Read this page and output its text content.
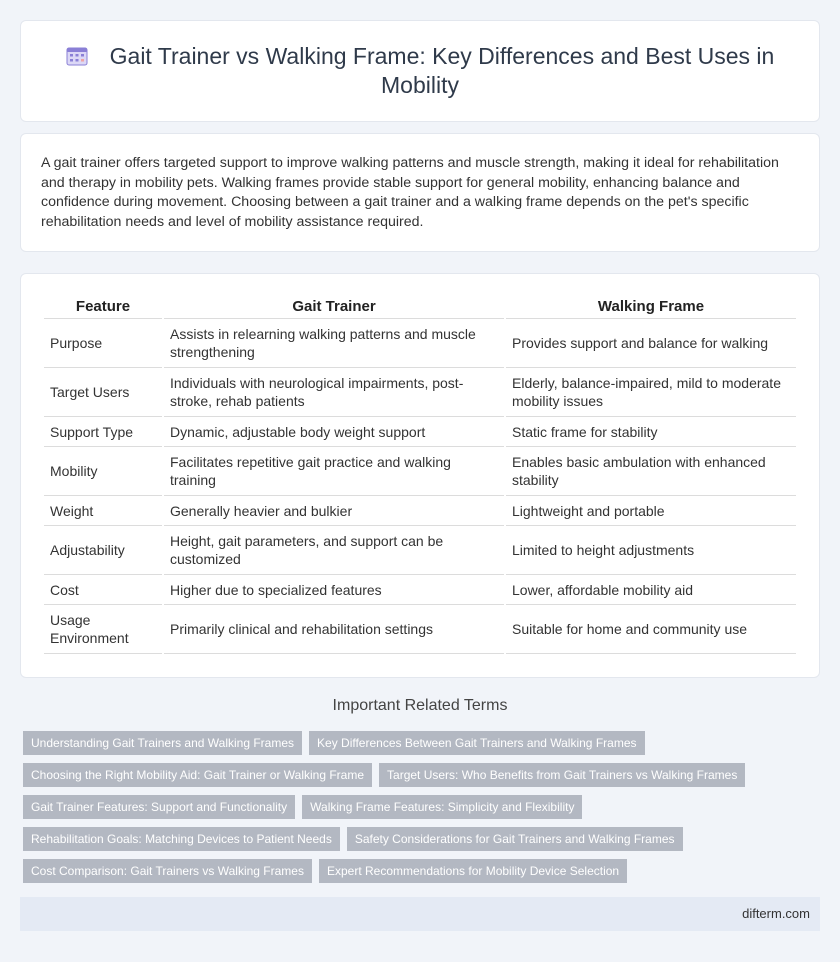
Gait Trainer vs Walking Frame: Key Differences and Best Uses in Mobility
A gait trainer offers targeted support to improve walking patterns and muscle strength, making it ideal for rehabilitation and therapy in mobility pets. Walking frames provide stable support for general mobility, enhancing balance and confidence during movement. Choosing between a gait trainer and a walking frame depends on the pet's specific rehabilitation needs and level of mobility assistance required.
Feature	Gait Trainer	Walking Frame
Purpose	Assists in relearning walking patterns and muscle strengthening	Provides support and balance for walking
Target Users	Individuals with neurological impairments, post-stroke, rehab patients	Elderly, balance-impaired, mild to moderate mobility issues
Support Type	Dynamic, adjustable body weight support	Static frame for stability
Mobility	Facilitates repetitive gait practice and walking training	Enables basic ambulation with enhanced stability
Weight	Generally heavier and bulkier	Lightweight and portable
Adjustability	Height, gait parameters, and support can be customized	Limited to height adjustments
Cost	Higher due to specialized features	Lower, affordable mobility aid
Usage Environment	Primarily clinical and rehabilitation settings	Suitable for home and community use
Important Related Terms
Understanding Gait Trainers and Walking Frames	Key Differences Between Gait Trainers and Walking Frames
Choosing the Right Mobility Aid: Gait Trainer or Walking Frame	Target Users: Who Benefits from Gait Trainers vs Walking Frames
Gait Trainer Features: Support and Functionality	Walking Frame Features: Simplicity and Flexibility
Rehabilitation Goals: Matching Devices to Patient Needs	Safety Considerations for Gait Trainers and Walking Frames
Cost Comparison: Gait Trainers vs Walking Frames	Expert Recommendations for Mobility Device Selection
difterm.com
